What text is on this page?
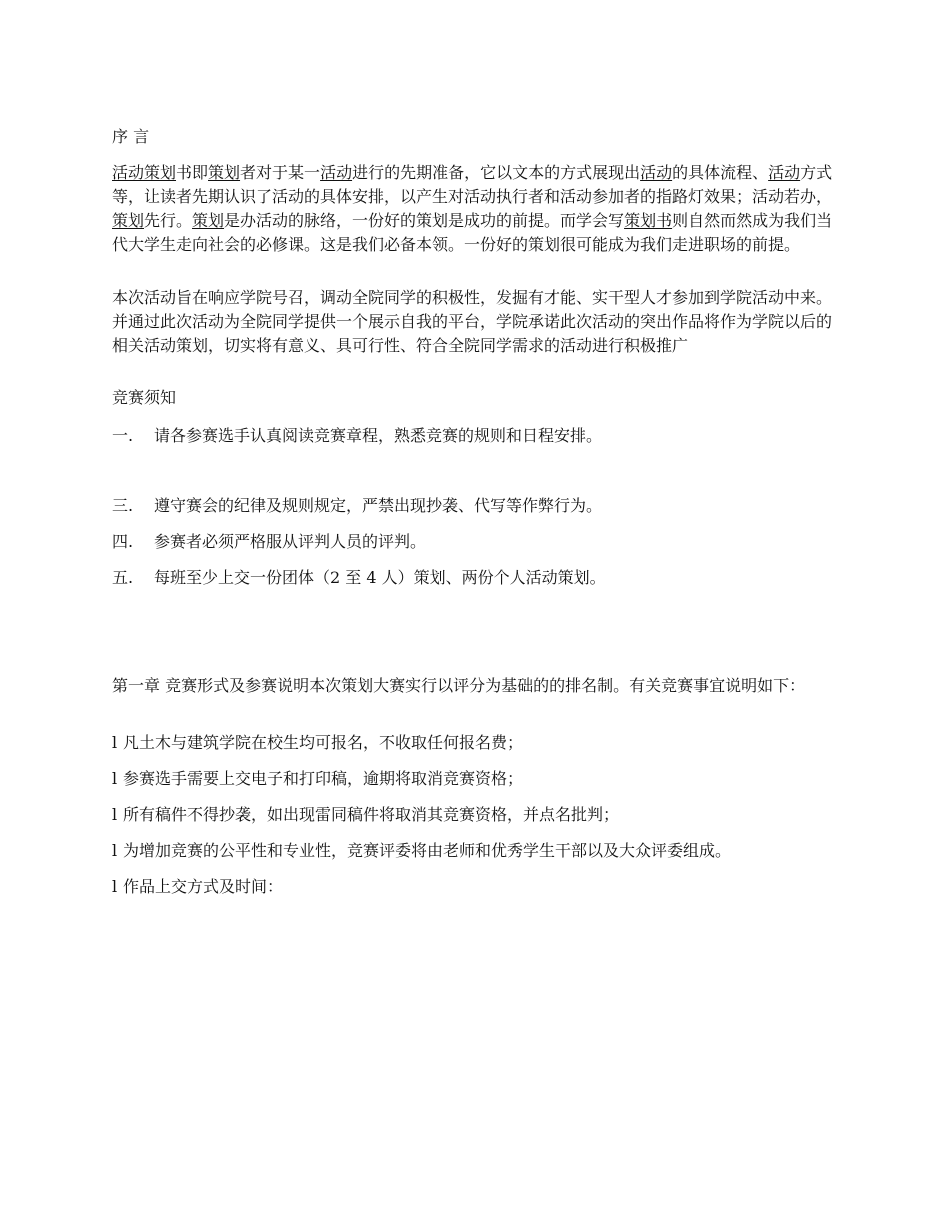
序 言

活动策划书即策划者对于某一活动进行的先期准备，它以文本的方式展现出活动的具体流程、活动方式等，让读者先期认识了活动的具体安排，以产生对活动执行者和活动参加者的指路灯效果；活动若办，策划先行。策划是办活动的脉络，一份好的策划是成功的前提。而学会写策划书则自然而然成为我们当代大学生走向社会的必修课。这是我们必备本领。一份好的策划很可能成为我们走进职场的前提。

本次活动旨在响应学院号召，调动全院同学的积极性，发掘有才能、实干型人才参加到学院活动中来。并通过此次活动为全院同学提供一个展示自我的平台，学院承诺此次活动的突出作品将作为学院以后的相关活动策划，切实将有意义、具可行性、符合全院同学需求的活动进行积极推广

竞赛须知

一. 请各参赛选手认真阅读竞赛章程，熟悉竞赛的规则和日程安排。

三. 遵守赛会的纪律及规则规定，严禁出现抄袭、代写等作弊行为。

四. 参赛者必须严格服从评判人员的评判。

五. 每班至少上交一份团体（2 至 4 人）策划、两份个人活动策划。

第一章 竞赛形式及参赛说明本次策划大赛实行以评分为基础的的排名制。有关竞赛事宜说明如下：

l 凡土木与建筑学院在校生均可报名，不收取任何报名费；

l 参赛选手需要上交电子和打印稿，逾期将取消竞赛资格；

l 所有稿件不得抄袭，如出现雷同稿件将取消其竞赛资格，并点名批判；

l 为增加竞赛的公平性和专业性，竞赛评委将由老师和优秀学生干部以及大众评委组成。

l 作品上交方式及时间：
